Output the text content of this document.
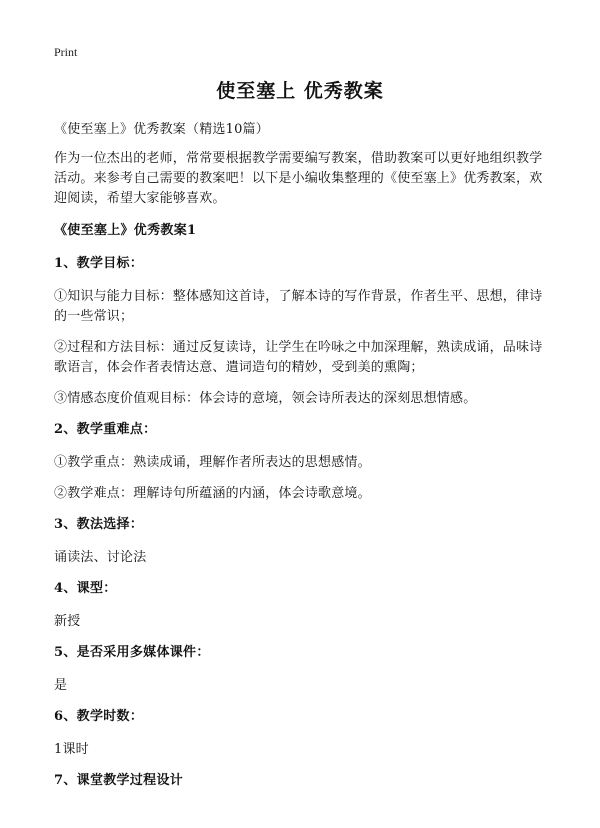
Print
使至塞上 优秀教案
《使至塞上》优秀教案（精选10篇）
作为一位杰出的老师，常常要根据教学需要编写教案，借助教案可以更好地组织教学活动。来参考自己需要的教案吧！以下是小编收集整理的《使至塞上》优秀教案，欢迎阅读，希望大家能够喜欢。
《使至塞上》优秀教案1
1、教学目标：
①知识与能力目标：整体感知这首诗，了解本诗的写作背景，作者生平、思想，律诗的一些常识；
②过程和方法目标：通过反复读诗，让学生在吟咏之中加深理解，熟读成诵，品味诗歌语言，体会作者表情达意、遣词造句的精妙，受到美的熏陶；
③情感态度价值观目标：体会诗的意境，领会诗所表达的深刻思想情感。
2、教学重难点：
①教学重点：熟读成诵，理解作者所表达的思想感情。
②教学难点：理解诗句所蕴涵的内涵，体会诗歌意境。
3、教法选择：
诵读法、讨论法
4、课型：
新授
5、是否采用多媒体课件：
是
6、教学时数：
1课时
7、课堂教学过程设计
